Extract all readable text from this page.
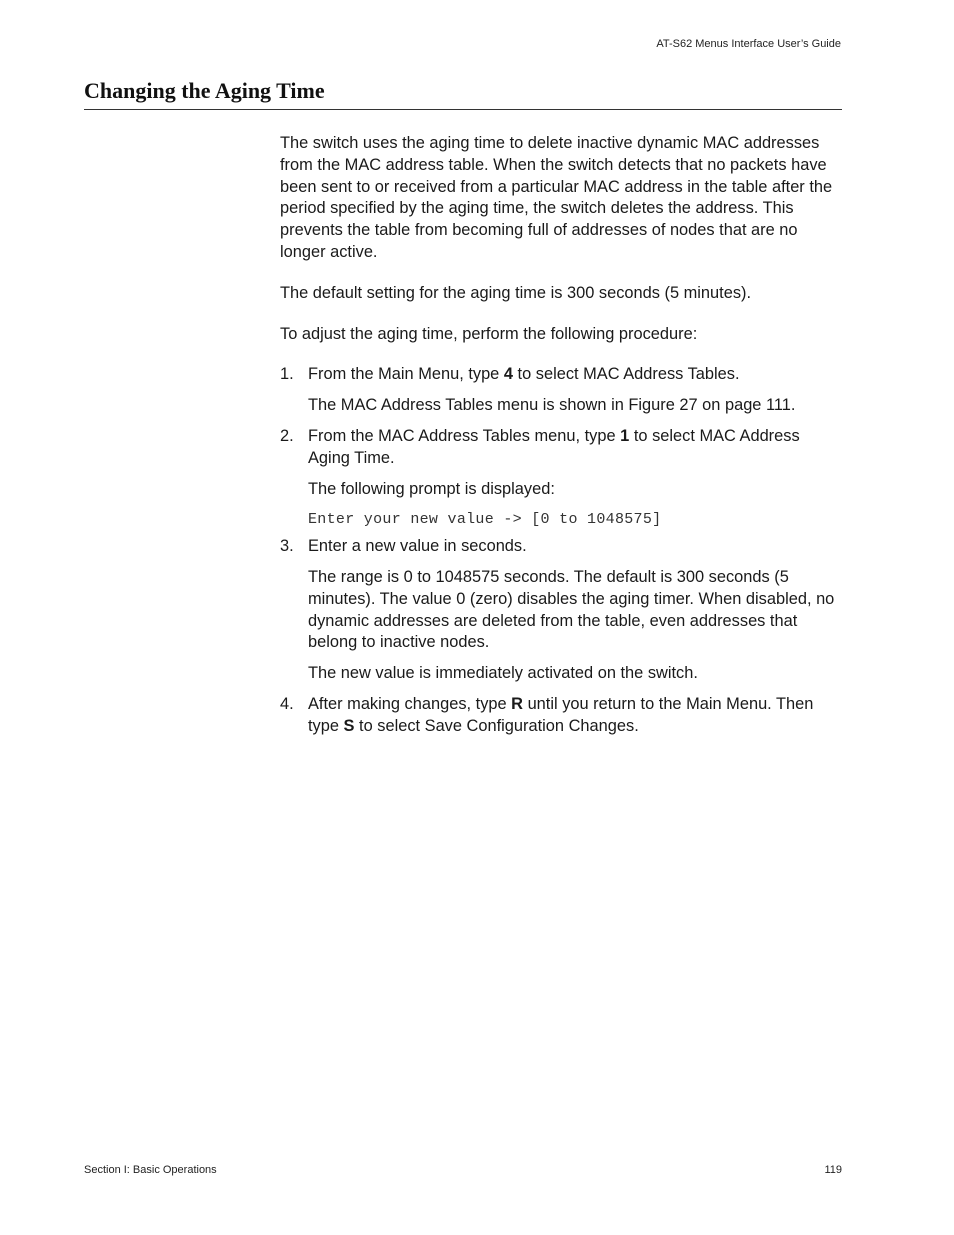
AT-S62 Menus Interface User’s Guide
Changing the Aging Time

The switch uses the aging time to delete inactive dynamic MAC addresses from the MAC address table. When the switch detects that no packets have been sent to or received from a particular MAC address in the table after the period specified by the aging time, the switch deletes the address. This prevents the table from becoming full of addresses of nodes that are no longer active.

The default setting for the aging time is 300 seconds (5 minutes).

To adjust the aging time, perform the following procedure:

1. From the Main Menu, type 4 to select MAC Address Tables.

The MAC Address Tables menu is shown in Figure 27 on page 111.

2. From the MAC Address Tables menu, type 1 to select MAC Address Aging Time.

The following prompt is displayed:

Enter your new value -> [0 to 1048575]

3. Enter a new value in seconds.

The range is 0 to 1048575 seconds. The default is 300 seconds (5 minutes). The value 0 (zero) disables the aging timer. When disabled, no dynamic addresses are deleted from the table, even addresses that belong to inactive nodes.

The new value is immediately activated on the switch.

4. After making changes, type R until you return to the Main Menu. Then type S to select Save Configuration Changes.

Section I: Basic Operations	119
